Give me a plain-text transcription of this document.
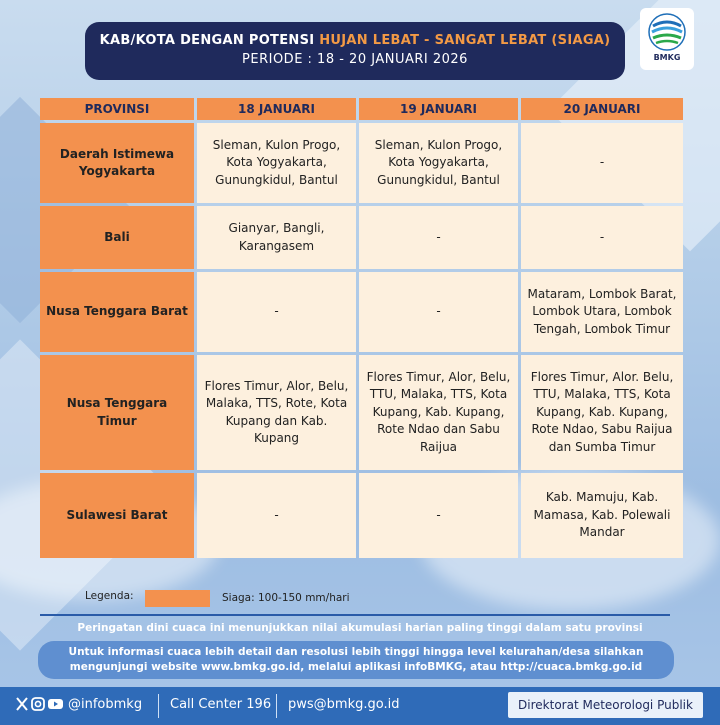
KAB/KOTA DENGAN POTENSI HUJAN LEBAT - SANGAT LEBAT (SIAGA)
PERIODE : 18 - 20 JANUARI 2026	BMKG
PROVINSI	18 JANUARI	19 JANUARI	20 JANUARI
Daerah Istimewa Yogyakarta	Sleman, Kulon Progo, Kota Yogyakarta, Gunungkidul, Bantul	Sleman, Kulon Progo, Kota Yogyakarta, Gunungkidul, Bantul	-
Bali	Gianyar, Bangli, Karangasem	-	-
Nusa Tenggara Barat	-	-	Mataram, Lombok Barat, Lombok Utara, Lombok Tengah, Lombok Timur
Nusa Tenggara Timur	Flores Timur, Alor, Belu, Malaka, TTS, Rote, Kota Kupang dan Kab. Kupang	Flores Timur, Alor, Belu, TTU, Malaka, TTS, Kota Kupang, Kab. Kupang, Rote Ndao dan Sabu Raijua	Flores Timur, Alor. Belu, TTU, Malaka, TTS, Kota Kupang, Kab. Kupang, Rote Ndao, Sabu Raijua dan Sumba Timur
Sulawesi Barat	-	-	Kab. Mamuju, Kab. Mamasa, Kab. Polewali Mandar
Legenda:	Siaga: 100-150 mm/hari
Peringatan dini cuaca ini menunjukkan nilai akumulasi harian paling tinggi dalam satu provinsi
Untuk informasi cuaca lebih detail dan resolusi lebih tinggi hingga level kelurahan/desa silahkan
mengunjungi website www.bmkg.go.id, melalui aplikasi infoBMKG, atau http://cuaca.bmkg.go.id
@infobmkg Call Center 196 pws@bmkg.go.id	Direktorat Meteorologi Publik
